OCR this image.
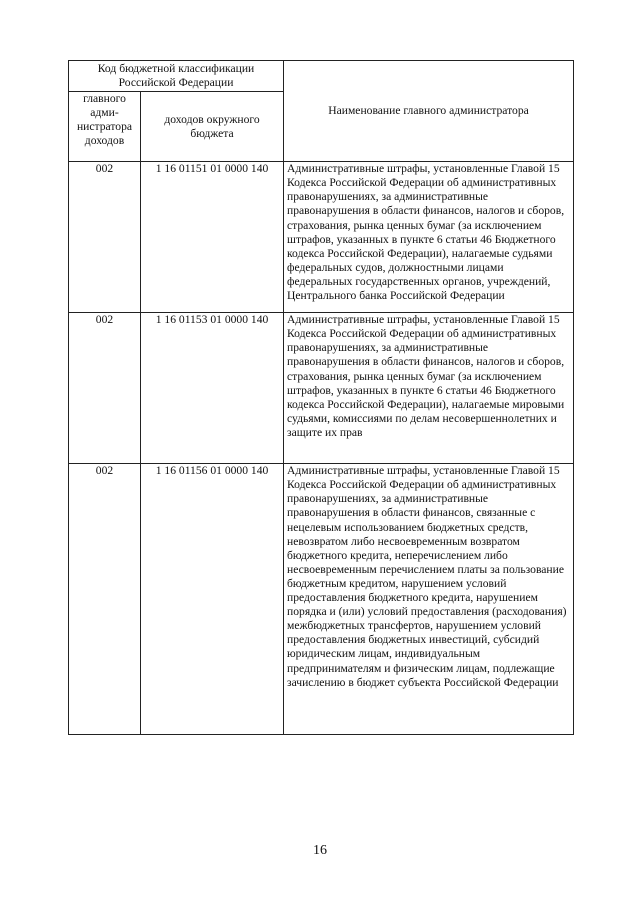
Код бюджетной классификации Российской Федерации		Наименование главного администратора
главного адми-нистратора доходов	доходов окружного бюджета	
002	1 16 01151 01 0000 140	Административные штрафы, установленные Главой 15 Кодекса Российской Федерации об административных правонарушениях, за административные правонарушения в области финансов, налогов и сборов, страхования, рынка ценных бумаг (за исключением штрафов, указанных в пункте 6 статьи 46 Бюджетного кодекса Российской Федерации), налагаемые судьями федеральных судов, должностными лицами федеральных государственных органов, учреждений, Центрального банка Российской Федерации
002	1 16 01153 01 0000 140	Административные штрафы, установленные Главой 15 Кодекса Российской Федерации об административных правонарушениях, за административные правонарушения в области финансов, налогов и сборов, страхования, рынка ценных бумаг (за исключением штрафов, указанных в пункте 6 статьи 46 Бюджетного кодекса Российской Федерации), налагаемые мировыми судьями, комиссиями по делам несовершеннолетних и защите их прав
002	1 16 01156 01 0000 140	Административные штрафы, установленные Главой 15 Кодекса Российской Федерации об административных правонарушениях, за административные правонарушения в области финансов, связанные с нецелевым использованием бюджетных средств, невозвратом либо несвоевременным возвратом бюджетного кредита, неперечислением либо несвоевременным перечислением платы за пользование бюджетным кредитом, нарушением условий предоставления бюджетного кредита, нарушением порядка и (или) условий предоставления (расходования) межбюджетных трансфертов, нарушением условий предоставления бюджетных инвестиций, субсидий юридическим лицам, индивидуальным предпринимателям и физическим лицам, подлежащие зачислению в бюджет субъекта Российской Федерации
16
